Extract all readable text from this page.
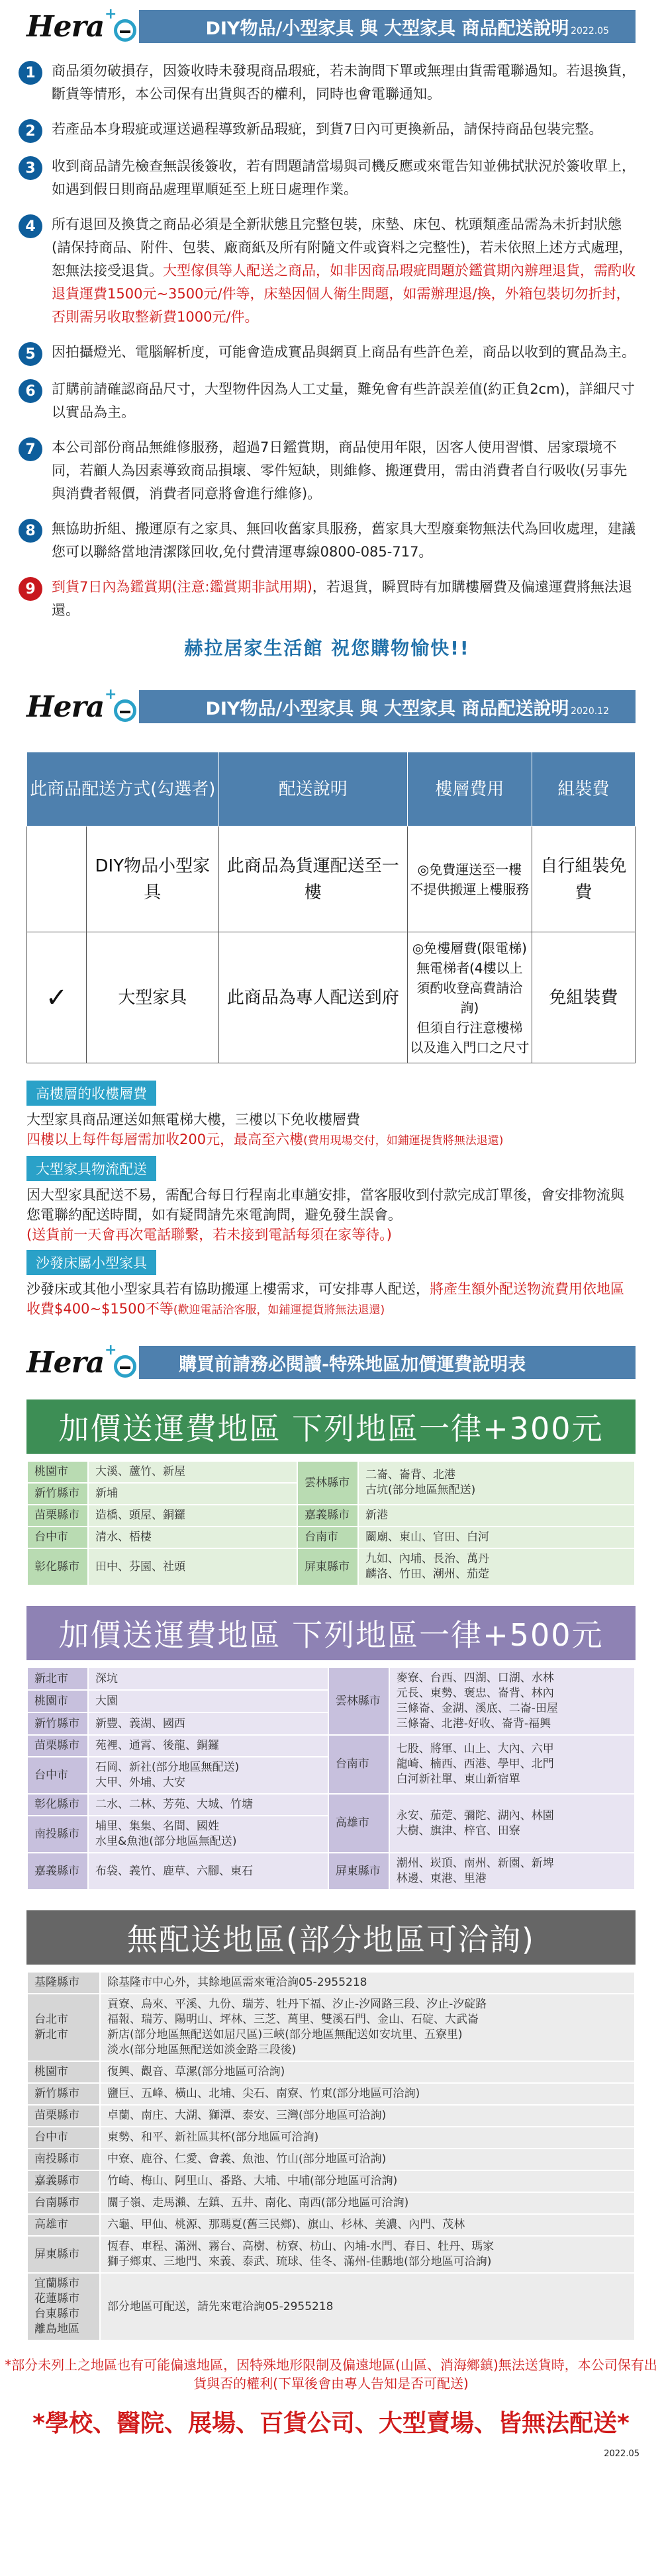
Hera +
DIY物品/小型家具 與 大型家具 商品配送說明 2022.05
1	商品須勿破損存，因簽收時未發現商品瑕疵，若未詢問下單或無理由貨需電聯過知。若退換貨，斷貨等情形，本公司保有出貨與否的權利，同時也會電聯通知。
2	若產品本身瑕疵或運送過程導致新品瑕疵，到貨7日內可更換新品，請保持商品包裝完整。
3	收到商品請先檢查無誤後簽收，若有問題請當場與司機反應或來電告知並佛拭狀況於簽收單上，如遇到假日則商品處理單順延至上班日處理作業。
4	所有退回及換貨之商品必須是全新狀態且完整包裝，床墊、床包、枕頭類產品需為未折封狀態(請保持商品、附件、包裝、廠商紙及所有附隨文件或資料之完整性)，若未依照上述方式處理，恕無法接受退貨。大型傢俱等人配送之商品，如非因商品瑕疵問題於鑑賞期內辦理退貨，需酌收退貨運費1500元~3500元/件等，床墊因個人衛生問題，如需辦理退/換，外箱包裝切勿折封，否則需另收取整新費1000元/件。
5	因拍攝燈光、電腦解析度，可能會造成實品與網頁上商品有些許色差，商品以收到的實品為主。
6	訂購前請確認商品尺寸，大型物件因為人工丈量，難免會有些許誤差值(約正負2cm)，詳細尺寸以實品為主。
7	本公司部份商品無維修服務，超過7日鑑賞期，商品使用年限，因客人使用習慣、居家環境不同，若顧人為因素導致商品損壞、零件短缺，則維修、搬運費用，需由消費者自行吸收(另事先與消費者報價，消費者同意將會進行維修)。
8	無協助折組、搬運原有之家具、無回收舊家具服務，舊家具大型廢棄物無法代為回收處理，建議您可以聯絡當地清潔隊回收,免付費清運專線0800-085-717。
9	到貨7日內為鑑賞期(注意:鑑賞期非試用期)，若退貨，瞬買時有加購樓層費及偏遠運費將無法退還。
赫拉居家生活館 祝您購物愉快!!
Hera +
DIY物品/小型家具 與 大型家具 商品配送說明 2020.12
此商品配送方式(勾選者)		配送說明	樓層費用	組裝費
	DIY物品小型家具	此商品為貨運配送至一樓	◎免費運送至一樓
不提供搬運上樓服務	自行組裝免費
✓	大型家具	此商品為專人配送到府	◎免樓層費(限電梯)
無電梯者(4樓以上
須酌收登高費請洽詢)
但須自行注意樓梯
以及進入門口之尺寸	免組裝費
高樓層的收樓層費
大型家具商品運送如無電梯大樓，三樓以下免收樓層費
四樓以上每件每層需加收200元，最高至六樓(費用現場交付，如鋪運提貨將無法退還)
大型家具物流配送
因大型家具配送不易，需配合每日行程南北車趟安排，當客服收到付款完成訂單後，會安排物流與您電聯約配送時間，如有疑問請先來電詢問，避免發生誤會。
(送貨前一天會再次電話聯繫，若未接到電話每須在家等待。)
沙發床屬小型家具
沙發床或其他小型家具若有協助搬運上樓需求，可安排專人配送，將產生額外配送物流費用依地區收費$400~$1500不等(歡迎電話洽客服，如鋪運提貨將無法退還)
Hera +
購買前請務必閱讀-特殊地區加價運費說明表
加價送運費地區 下列地區一律+300元
桃園市	大溪、蘆竹、新屋	雲林縣市	二崙、崙背、北港
古坑(部分地區無配送)
新竹縣市	新埔		
苗栗縣市	造橋、頭屋、銅鑼	嘉義縣市	新港
台中市	清水、梧棲	台南市	關廟、東山、官田、白河
彰化縣市	田中、芬園、社頭	屏東縣市	九如、內埔、長治、萬丹
麟洛、竹田、潮州、茄萣
加價送運費地區 下列地區一律+500元
新北市	深坑	雲林縣市	麥寮、台西、四湖、口湖、水林
元長、東勢、褒忠、崙背、林內
三條崙、金湖、溪底、二崙-田屋
三條崙、北港-好收、崙背-福興
桃園市	大園		
新竹縣市	新豐、義湖、國西		
苗栗縣市	苑裡、通霄、後龍、銅鑼	台南市	七股、將軍、山上、大內、六甲
龍崎、楠西、西港、學甲、北門
白河新社單、東山新宿單
台中市	石岡、新社(部分地區無配送)
大甲、外埔、大安		
彰化縣市	二水、二林、芳苑、大城、竹塘	高雄市	永安、茄萣、彌陀、湖內、林園
大樹、旗津、梓官、田寮
南投縣市	埔里、集集、名間、國姓
水里&魚池(部分地區無配送)		
嘉義縣市	布袋、義竹、鹿草、六腳、東石	屏東縣市	潮州、崁頂、南州、新園、新埤
林邊、東港、里港
無配送地區(部分地區可洽詢)
基隆縣市	除基隆市中心外，其餘地區需來電洽詢05-2955218
台北市
新北市	貢寮、烏來、平溪、九份、瑞芳、牡丹下福、汐止-汐岡路三段、汐止-汐碇路
福報、瑞芳、陽明山、坪林、三芝、萬里、雙溪石門、金山、石碇、大武崙
新店(部分地區無配送如屈尺區)三峽(部分地區無配送如安坑里、五寮里)
淡水(部分地區無配送如淡金路三段後)
桃園市	復興、觀音、草漯(部分地區可洽詢)
新竹縣市	鹽巨、五峰、橫山、北埔、尖石、南寮、竹東(部分地區可洽詢)
苗栗縣市	卓蘭、南庄、大湖、獅潭、泰安、三灣(部分地區可洽詢)
台中市	東勢、和平、新社區其杯(部分地區可洽詢)
南投縣市	中寮、鹿谷、仁愛、會義、魚池、竹山(部分地區可洽詢)
嘉義縣市	竹崎、梅山、阿里山、番路、大埔、中埔(部分地區可洽詢)
台南縣市	關子嶺、走馬瀨、左鎮、五井、南化、南西(部分地區可洽詢)
高雄市	六龜、甲仙、桃源、那瑪夏(舊三民鄉)、旗山、杉林、美濃、內門、茂林
屏東縣市	恆春、車程、滿洲、霧台、高樹、枋寮、枋山、內埔-水門、春日、牡丹、瑪家
獅子鄉東、三地門、來義、泰武、琉球、佳冬、滿州-佳鵬地(部分地區可洽詢)
宜蘭縣市
花蓮縣市
台東縣市
離島地區	部分地區可配送，請先來電洽詢05-2955218
*部分未列上之地區也有可能偏遠地區，因特殊地形限制及偏遠地區(山區、消海鄉鎮)無法送貨時，本公司保有出貨與否的權利(下單後會由專人告知是否可配送)
*學校、醫院、展場、百貨公司、大型賣場、皆無法配送*
2022.05
